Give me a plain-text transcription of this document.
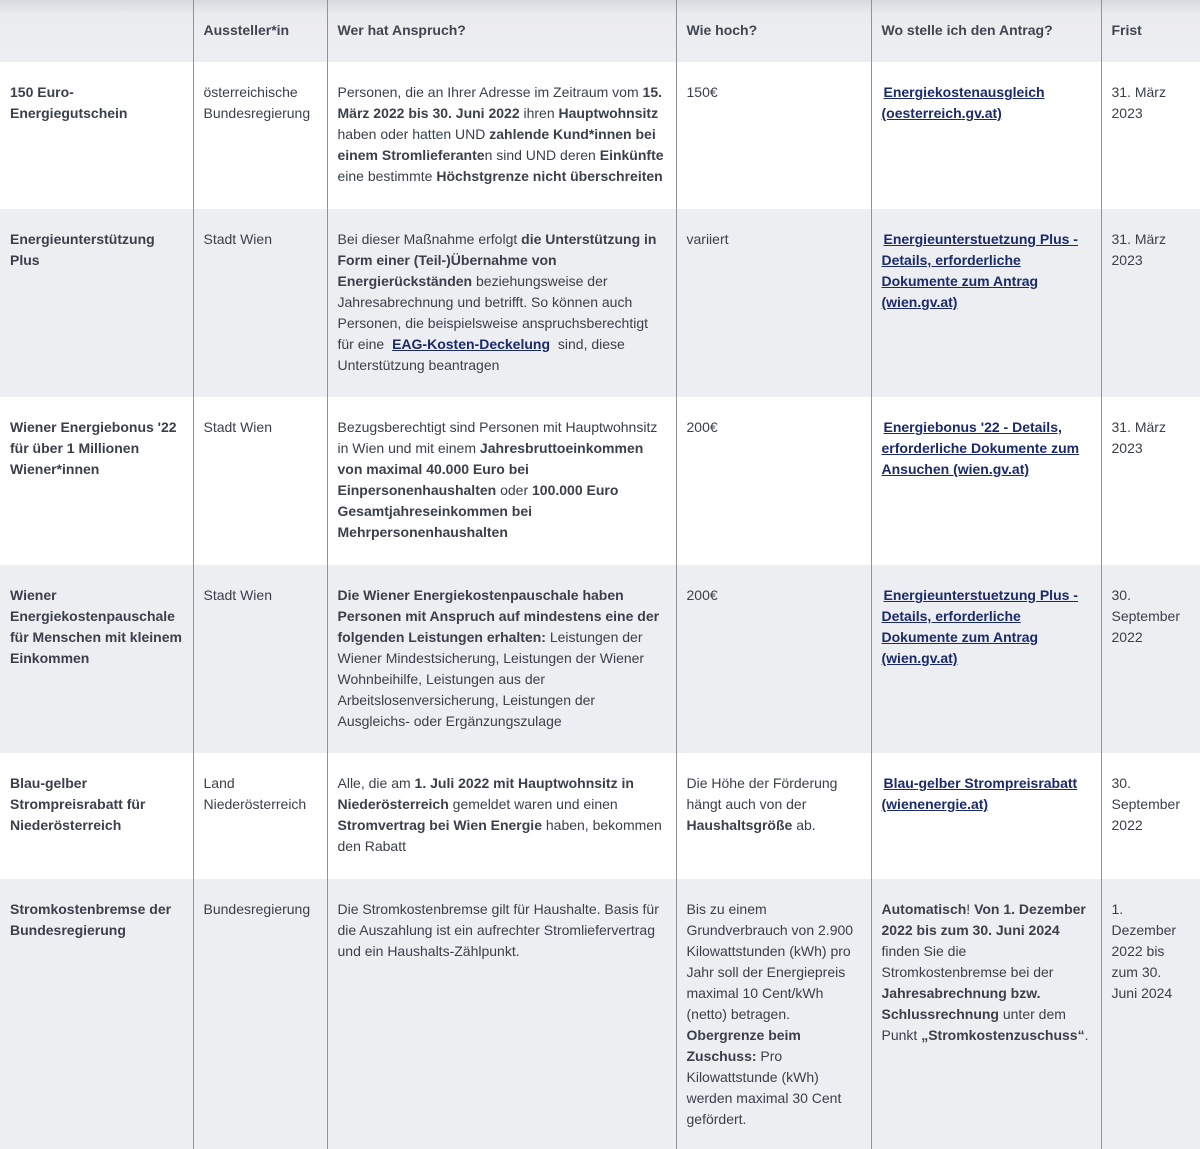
	Aussteller*in	Wer hat Anspruch?	Wie hoch?	Wo stelle ich den Antrag?	Frist
150 Euro-Energiegutschein	österreichische Bundesregierung	Personen, die an Ihrer Adresse im Zeitraum vom 15. März 2022 bis 30. Juni 2022 ihren Hauptwohnsitz haben oder hatten UND zahlende Kund*innen bei einem Stromlieferanten sind UND deren Einkünfte eine bestimmte Höchstgrenze nicht überschreiten	150€	Energiekostenausgleich (oesterreich.gv.at)	31. März 2023
Energieunterstützung Plus	Stadt Wien	Bei dieser Maßnahme erfolgt die Unterstützung in Form einer (Teil-)Übernahme von Energierückständen beziehungsweise der Jahresabrechnung und betrifft. So können auch Personen, die beispielsweise anspruchsberechtigt für eine EAG-Kosten-Deckelung sind, diese Unterstützung beantragen	variiert	Energieunterstuetzung Plus - Details, erforderliche Dokumente zum Antrag (wien.gv.at)	31. März 2023
Wiener Energiebonus '22 für über 1 Millionen Wiener*innen	Stadt Wien	Bezugsberechtigt sind Personen mit Hauptwohnsitz in Wien und mit einem Jahresbruttoeinkommen von maximal 40.000 Euro bei Einpersonenhaushalten oder 100.000 Euro Gesamtjahreseinkommen bei Mehrpersonenhaushalten	200€	Energiebonus '22 - Details, erforderliche Dokumente zum Ansuchen (wien.gv.at)	31. März 2023
Wiener Energiekostenpauschale für Menschen mit kleinem Einkommen	Stadt Wien	Die Wiener Energiekostenpauschale haben Personen mit Anspruch auf mindestens eine der folgenden Leistungen erhalten: Leistungen der Wiener Mindestsicherung, Leistungen der Wiener Wohnbeihilfe, Leistungen aus der Arbeitslosenversicherung, Leistungen der Ausgleichs- oder Ergänzungszulage	200€	Energieunterstuetzung Plus - Details, erforderliche Dokumente zum Antrag (wien.gv.at)	30. September 2022
Blau-gelber Strompreisrabatt für Niederösterreich	Land Niederösterreich	Alle, die am 1. Juli 2022 mit Hauptwohnsitz in Niederösterreich gemeldet waren und einen Stromvertrag bei Wien Energie haben, bekommen den Rabatt	Die Höhe der Förderung hängt auch von der Haushaltsgröße ab.	Blau-gelber Strompreisrabatt (wienenergie.at)	30. September 2022
Stromkostenbremse der Bundesregierung	Bundesregierung	Die Stromkostenbremse gilt für Haushalte. Basis für die Auszahlung ist ein aufrechter Stromliefervertrag und ein Haushalts-Zählpunkt.	Bis zu einem Grundverbrauch von 2.900 Kilowattstunden (kWh) pro Jahr soll der Energiepreis maximal 10 Cent/kWh (netto) betragen. Obergrenze beim Zuschuss: Pro Kilowattstunde (kWh) werden maximal 30 Cent gefördert.	Automatisch! Von 1. Dezember 2022 bis zum 30. Juni 2024 finden Sie die Stromkostenbremse bei der Jahresabrechnung bzw. Schlussrechnung unter dem Punkt „Stromkostenzuschuss“.	1. Dezember 2022 bis zum 30. Juni 2024
